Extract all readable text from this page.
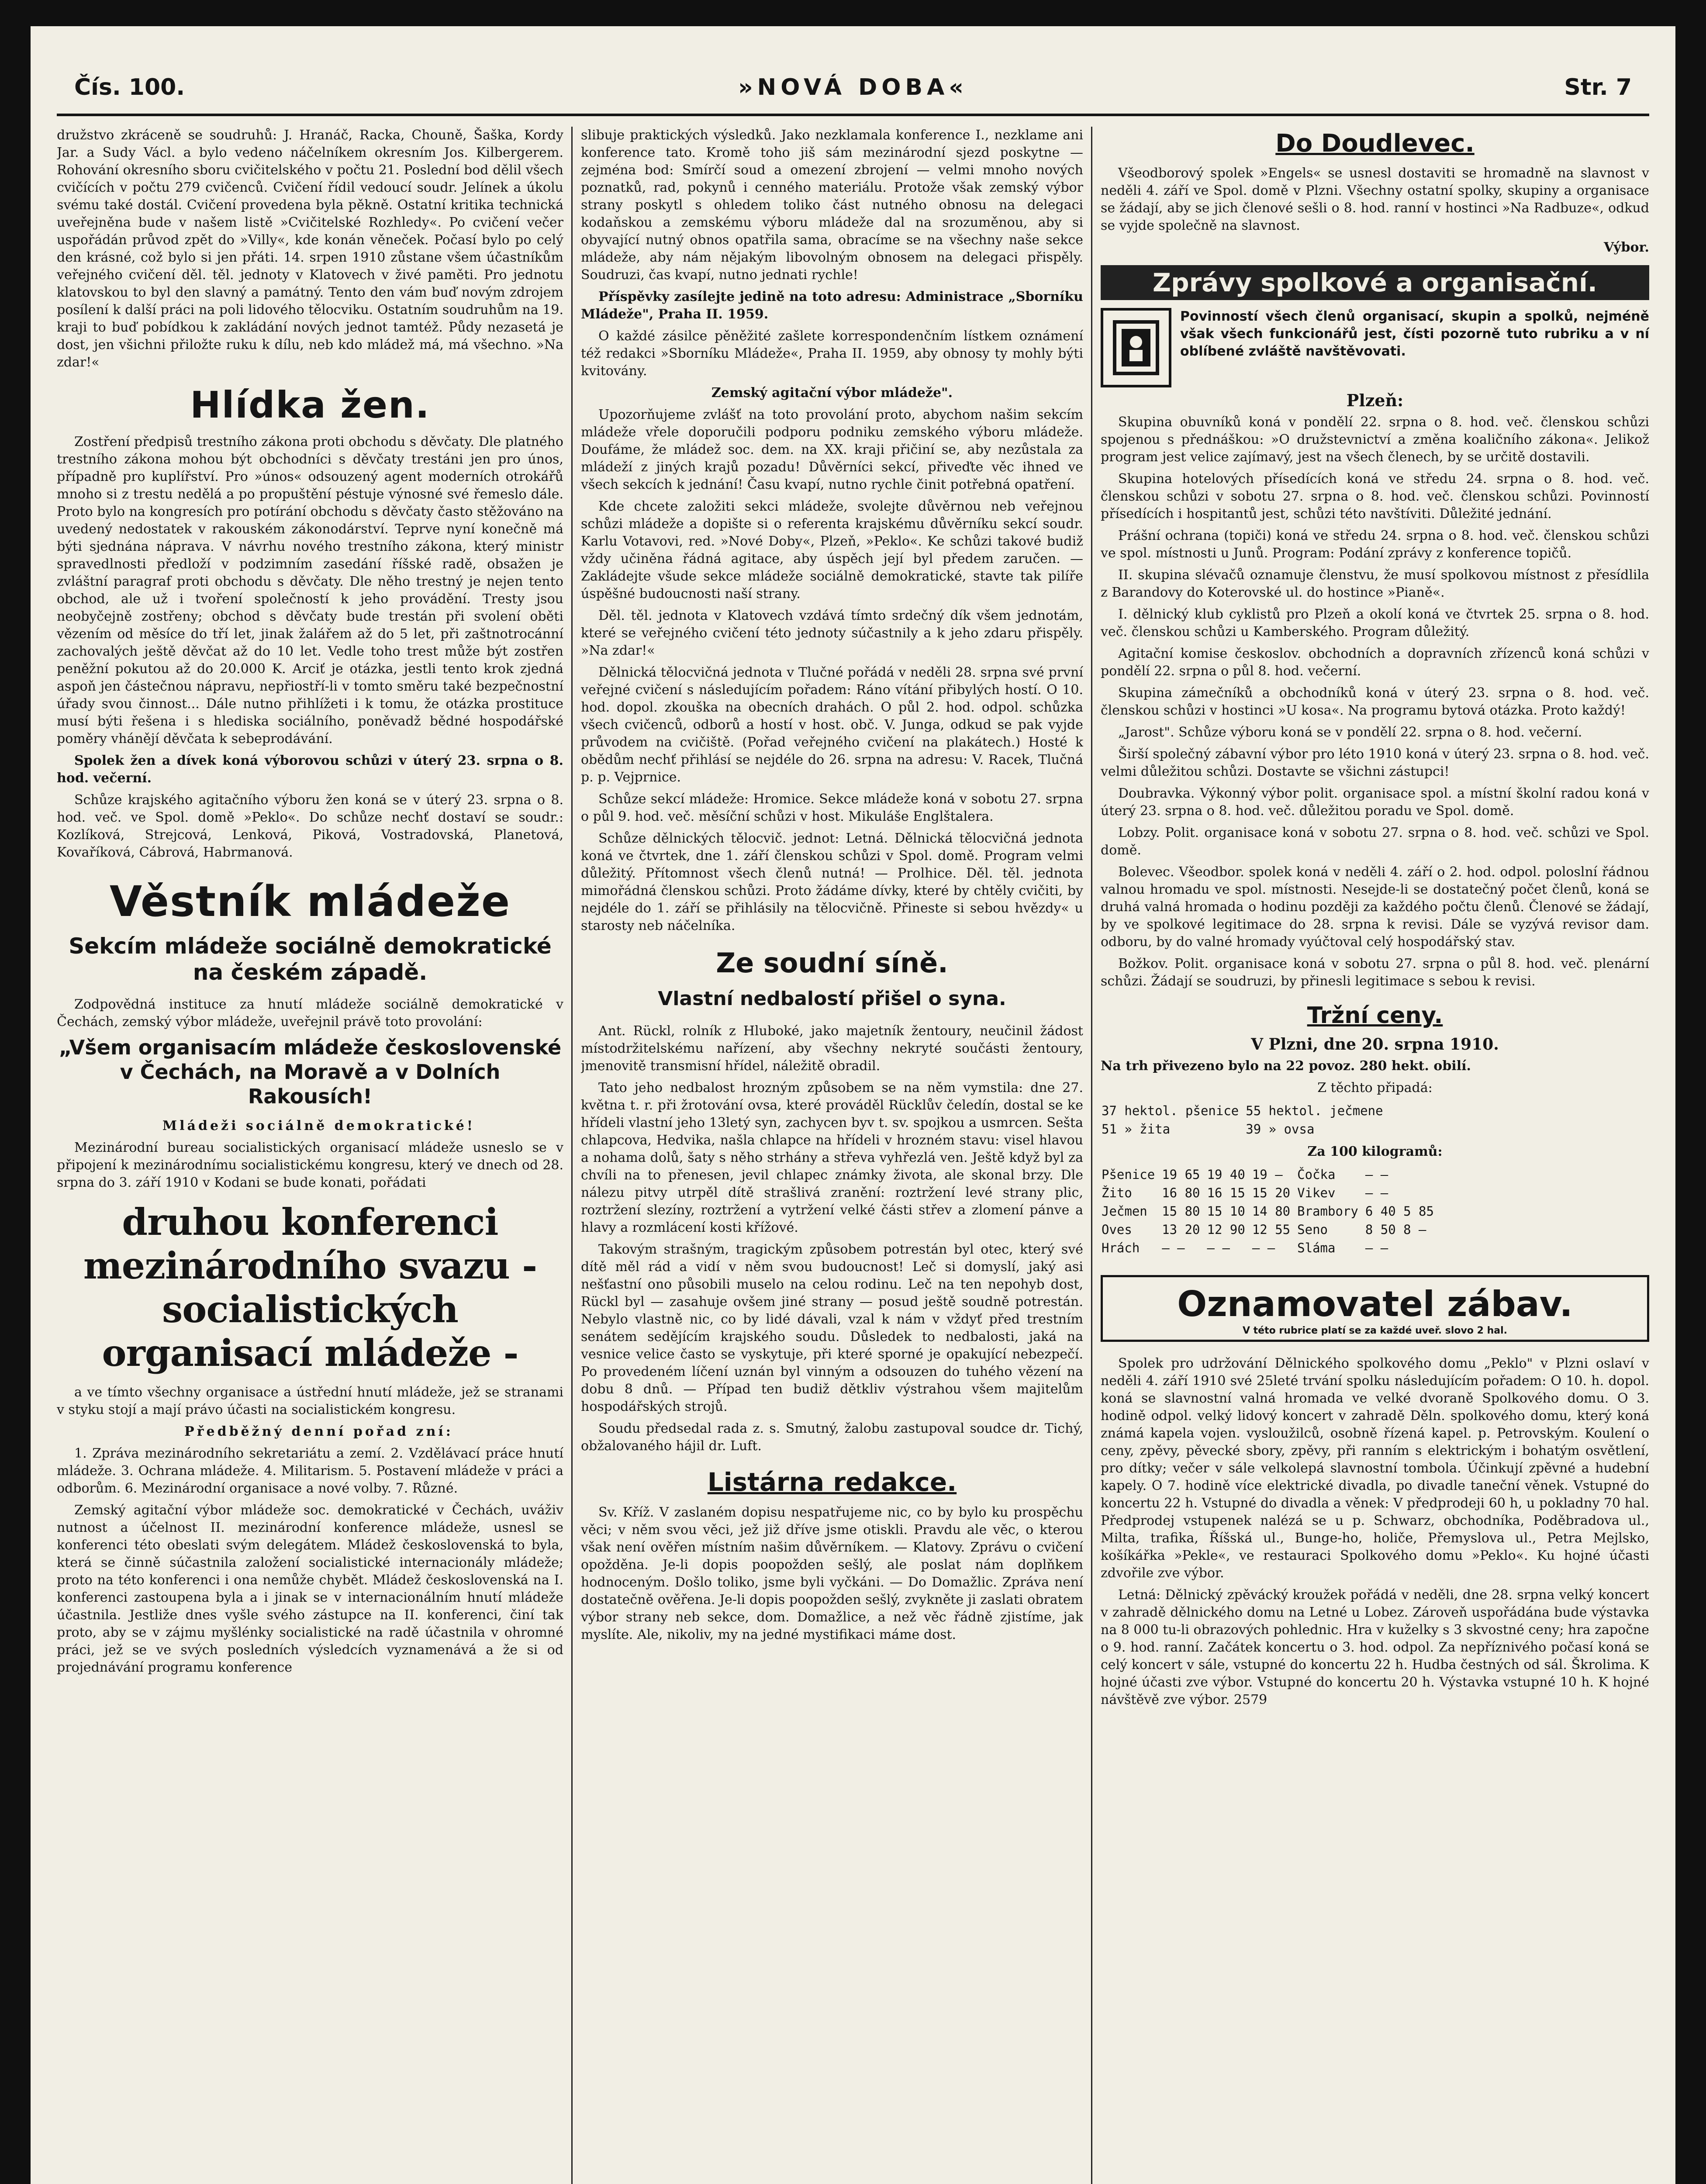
Čís. 100.	»NOVÁ DOBA«	Str. 7

družstvo zkráceně se soudruhů: J. Hranáč, Racka, Chouně, Šaška, Kordy Jar. a Sudy Václ. a bylo vedeno náčelníkem okresním Jos. Kilbergerem. Rohování okresního sboru cvičitelského v počtu 21. Poslední bod dělil všech cvičících v počtu 279 cvičenců. Cvičení řídil vedoucí soudr. Jelínek a úkolu svému také dostál. Cvičení provedena byla pěkně. Ostatní kritika technická uveřejněna bude v našem listě »Cvičitelské Rozhledy«. Po cvičení večer uspořádán průvod zpět do »Villy«, kde konán věneček. Počasí bylo po celý den krásné, což bylo si jen přáti. 14. srpen 1910 zůstane všem účastníkům veřejného cvičení děl. těl. jednoty v Klatovech v živé paměti. Pro jednotu klatovskou to byl den slavný a památný. Tento den vám buď novým zdrojem posílení k další práci na poli lidového tělocviku. Ostatním soudruhům na 19. kraji to buď pobídkou k zakládání nových jednot tamtéž. Půdy nezasetá je dost, jen všichni přiložte ruku k dílu, neb kdo mládež má, má všechno. »Na zdar!«

Hlídka žen.

Zostření předpisů trestního zákona proti obchodu s děvčaty. Dle platného trestního zákona mohou být obchodníci s děvčaty trestáni jen pro únos, případně pro kuplířství. Pro »únos« odsouzený agent moderních otrokářů mnoho si z trestu nedělá a po propuštění péstuje výnosné své řemeslo dále. Proto bylo na kongresích pro potírání obchodu s děvčaty často stěžováno na uvedený nedostatek v rakouském zákonodárství. Teprve nyní konečně má býti sjednána náprava. V návrhu nového trestního zákona, který ministr spravedlnosti předloží v podzimním zasedání říšské radě, obsažen je zvláštní paragraf proti obchodu s děvčaty. Dle něho trestný je nejen tento obchod, ale už i tvoření společností k jeho provádění. Tresty jsou neobyčejně zostřeny; obchod s děvčaty bude trestán při svolení oběti vězením od měsíce do tří let, jinak žalářem až do 5 let, při zaštnotrocánní zachovalých ještě děvčat až do 10 let. Vedle toho trest může být zostřen peněžní pokutou až do 20.000 K. Arciť je otázka, jestli tento krok zjedná aspoň jen částečnou nápravu, nepřiostří-li v tomto směru také bezpečnostní úřady svou činnost... Dále nutno přihlížeti i k tomu, že otázka prostituce musí býti řešena i s hlediska sociálního, poněvadž bědné hospodářské poměry vhánějí děvčata k sebeprodávání.

Spolek žen a dívek koná výborovou schůzi v úterý 23. srpna o 8. hod. večerní.

Schůze krajského agitačního výboru žen koná se v úterý 23. srpna o 8. hod. več. ve Spol. domě »Peklo«. Do schůze nechť dostaví se soudr.: Kozlíková, Strejcová, Lenková, Piková, Vostradovská, Planetová, Kovaříková, Cábrová, Habrmanová.

Věstník mládeže
Sekcím mládeže sociálně demokratické na českém západě.

Zodpovědná instituce za hnutí mládeže sociálně demokratické v Čechách, zemský výbor mládeže, uveřejnil právě toto provolání:

„Všem organisacím mládeže československé v Čechách, na Moravě a v Dolních Rakousích!

Mládeži sociálně demokratické!

Mezinárodní bureau socialistických organisací mládeže usneslo se v připojení k mezinárodnímu socialistickému kongresu, který ve dnech od 28. srpna do 3. září 1910 v Kodani se bude konati, pořádati

druhou konferenci mezinárodního svazu - socialistických organisací mládeže -

a ve tímto všechny organisace a ústřední hnutí mládeže, jež se stranami v styku stojí a mají právo účasti na socialistickém kongresu.

Předběžný denní pořad zní:

1. Zpráva mezinárodního sekretariátu a zemí. 2. Vzdělávací práce hnutí mládeže. 3. Ochrana mládeže. 4. Militarism. 5. Postavení mládeže v práci a odborům. 6. Mezinárodní organisace a nové volby. 7. Různé.

Zemský agitační výbor mládeže soc. demokratické v Čechách, uváživ nutnost a účelnost II. mezinárodní konference mládeže, usnesl se konferenci této obeslati svým delegátem. Mládež československá to byla, která se činně súčastnila založení socialistické internacionály mládeže; proto na této konferenci i ona nemůže chybět. Mládež československá na I. konferenci zastoupena byla a i jinak se v internacionálním hnutí mládeže účastnila. Jestliže dnes vyšle svého zástupce na II. konferenci, činí tak proto, aby se v zájmu myšlénky socialistické na radě účastnila v ohromné práci, jež se ve svých posledních výsledcích vyznamenává a že si od projednávání programu konference

slibuje praktických výsledků. Jako nezklamala konference I., nezklame ani konference tato. Kromě toho jiš sám mezinárodní sjezd poskytne — zejména bod: Smírčí soud a omezení zbrojení — velmi mnoho nových poznatků, rad, pokynů i cenného materiálu. Protože však zemský výbor strany poskytl s ohledem toliko část nutného obnosu na delegaci kodaňskou a zemskému výboru mládeže dal na srozuměnou, aby si obyvající nutný obnos opatřila sama, obracíme se na všechny naše sekce mládeže, aby nám nějakým libovolným obnosem na delegaci přispěly. Soudruzi, čas kvapí, nutno jednati rychle!

Příspěvky zasílejte jedině na toto adresu: Administrace „Sborníku Mládeže", Praha II. 1959.

O každé zásilce pěněžité zašlete korrespondenčním lístkem oznámení též redakci »Sborníku Mládeže«, Praha II. 1959, aby obnosy ty mohly býti kvitovány.

Zemský agitační výbor mládeže".

Upozorňujeme zvlášť na toto provolání proto, abychom našim sekcím mládeže vřele doporučili podporu podniku zemského výboru mládeže. Doufáme, že mládež soc. dem. na XX. kraji přičiní se, aby nezůstala za mládeží z jiných krajů pozadu! Důvěrníci sekcí, přiveďte věc ihned ve všech sekcích k jednání! Času kvapí, nutno rychle činit potřebná opatření.

Kde chcete založiti sekci mládeže, svolejte důvěrnou neb veřejnou schůzi mládeže a dopište si o referenta krajskému důvěrníku sekcí soudr. Karlu Votavovi, red. »Nové Doby«, Plzeň, »Peklo«. Ke schůzi takové budiž vždy učiněna řádná agitace, aby úspěch její byl předem zaručen. — Zakládejte všude sekce mládeže sociálně demokratické, stavte tak pilíře úspěšné budoucnosti naší strany.

Děl. těl. jednota v Klatovech vzdává tímto srdečný dík všem jednotám, které se veřejného cvičení této jednoty súčastnily a k jeho zdaru přispěly. »Na zdar!«

Dělnická tělocvičná jednota v Tlučné pořádá v neděli 28. srpna své první veřejné cvičení s následujícím pořadem: Ráno vítání přibylých hostí. O 10. hod. dopol. zkouška na obecních drahách. O půl 2. hod. odpol. schůzka všech cvičenců, odborů a hostí v host. obč. V. Junga, odkud se pak vyjde průvodem na cvičiště. (Pořad veřejného cvičení na plakátech.) Hosté k obědům nechť přihlásí se nejdéle do 26. srpna na adresu: V. Racek, Tlučná p. p. Vejprnice.

Schůze sekcí mládeže: Hromice. Sekce mládeže koná v sobotu 27. srpna o půl 9. hod. več. měsíční schůzi v host. Mikuláše Englštalera.

Schůze dělnických tělocvič. jednot: Letná. Dělnická tělocvičná jednota koná ve čtvrtek, dne 1. září členskou schůzi v Spol. domě. Program velmi důležitý. Přítomnost všech členů nutná! — Prolhice. Děl. těl. jednota mimořádná členskou schůzi. Proto žádáme dívky, které by chtěly cvičiti, by nejdéle do 1. září se přihlásily na tělocvičně. Přineste si sebou hvězdy« u starosty neb náčelníka.

Ze soudní síně.
Vlastní nedbalostí přišel o syna.

Ant. Rückl, rolník z Hluboké, jako majetník žentoury, neučinil žádost místodržitelskému nařízení, aby všechny nekryté součásti žentoury, jmenovitě transmisní hřídel, náležitě obradil.

Tato jeho nedbalost hrozným způsobem se na něm vymstila: dne 27. května t. r. při žrotování ovsa, které prováděl Rücklův čeledín, dostal se ke hřídeli vlastní jeho 13letý syn, zachycen byv t. sv. spojkou a usmrcen. Sešta chlapcova, Hedvika, našla chlapce na hřídeli v hrozném stavu: visel hlavou a nohama dolů, šaty s něho strhány a střeva vyhřezlá ven. Ještě když byl za chvíli na to přenesen, jevil chlapec známky života, ale skonal brzy. Dle nálezu pitvy utrpěl dítě strašlivá zranění: roztržení levé strany plic, roztržení slezíny, roztržení a vytržení velké části střev a zlomení pánve a hlavy a rozmlácení kosti křížové.

Takovým strašným, tragickým způsobem potrestán byl otec, který své dítě měl rád a vidí v něm svou budoucnost! Leč si domyslí, jaký asi nešťastní ono působili muselo na celou rodinu. Leč na ten nepohyb dost, Rückl byl — zasahuje ovšem jiné strany — posud ještě soudně potrestán. Nebylo vlastně nic, co by lidé dávali, vzal k nám v vždyť před trestním senátem sedějícím krajského soudu. Důsledek to nedbalosti, jaká na vesnice velice často se vyskytuje, při které sporné je opakující nebezpečí. Po provedeném líčení uznán byl vinným a odsouzen do tuhého vězení na dobu 8 dnů. — Případ ten budiž dětkliv výstrahou všem majitelům hospodářských strojů.

Soudu předsedal rada z. s. Smutný, žalobu zastupoval soudce dr. Tichý, obžalovaného hájil dr. Luft.

Listárna redakce.

Sv. Kříž. V zaslaném dopisu nespatřujeme nic, co by bylo ku prospěchu věci; v něm svou věci, jež již dříve jsme otiskli. Pravdu ale věc, o kterou však není ověřen místním našim důvěrníkem. — Klatovy. Zprávu o cvičení opožděna. Je-li dopis poopožden sešlý, ale poslat nám doplňkem hodnoceným. Došlo toliko, jsme byli vyčkáni. — Do Domažlic. Zpráva není dostatečně ověřena. Je-li dopis poopožden sešlý, zvykněte ji zaslati obratem výbor strany neb sekce, dom. Domažlice, a než věc řádně zjistíme, jak myslíte. Ale, nikoliv, my na jedné mystifikaci máme dost.

Do Doudlevec.

Všeodborový spolek »Engels« se usnesl dostaviti se hromadně na slavnost v neděli 4. září ve Spol. domě v Plzni. Všechny ostatní spolky, skupiny a organisace se žádají, aby se jich členové sešli o 8. hod. ranní v hostinci »Na Radbuze«, odkud se vyjde společně na slavnost.

Výbor.

Zprávy spolkové a organisační.
Povinností všech členů organisací, skupin a spolků, nejméně však všech funkcionářů jest, čísti pozorně tuto rubriku a v ní oblíbené zvláště navštěvovati.

Plzeň:

Skupina obuvníků koná v pondělí 22. srpna o 8. hod. več. členskou schůzi spojenou s přednáškou: »O družstevnictví a změna koaličního zákona«. Jelikož program jest velice zajímavý, jest na všech členech, by se určitě dostavili.

Skupina hotelových přísedících koná ve středu 24. srpna o 8. hod. več. členskou schůzi v sobotu 27. srpna o 8. hod. več. členskou schůzi. Povinností přísedících i hospitantů jest, schůzi této navštíviti. Důležité jednání.

Prášní ochrana (topiči) koná ve středu 24. srpna o 8. hod. več. členskou schůzi ve spol. místnosti u Junů. Program: Podání zprávy z konference topičů.

II. skupina slévačů oznamuje členstvu, že musí spolkovou místnost z přesídlila z Barandovy do Koterovské ul. do hostince »Pianě«.

I. dělnický klub cyklistů pro Plzeň a okolí koná ve čtvrtek 25. srpna o 8. hod. več. členskou schůzi u Kamberského. Program důležitý.

Agitační komise českoslov. obchodních a dopravních zřízenců koná schůzi v pondělí 22. srpna o půl 8. hod. večerní.

Skupina zámečníků a obchodníků koná v úterý 23. srpna o 8. hod. več. členskou schůzi v hostinci »U kosa«. Na programu bytová otázka. Proto každý!

„Jarost". Schůze výboru koná se v pondělí 22. srpna o 8. hod. večerní.

Širší společný zábavní výbor pro léto 1910 koná v úterý 23. srpna o 8. hod. več. velmi důležitou schůzi. Dostavte se všichni zástupci!

Doubravka. Výkonný výbor polit. organisace spol. a místní školní radou koná v úterý 23. srpna o 8. hod. več. důležitou poradu ve Spol. domě.

Lobzy. Polit. organisace koná v sobotu 27. srpna o 8. hod. več. schůzi ve Spol. domě.

Bolevec. Všeodbor. spolek koná v neděli 4. září o 2. hod. odpol. poloslní řádnou valnou hromadu ve spol. místnosti. Nesejde-li se dostatečný počet členů, koná se druhá valná hromada o hodinu později za každého počtu členů. Členové se žádají, by ve spolkové legitimace do 28. srpna k revisi. Dále se vyzývá revisor dam. odboru, by do valné hromady vyúčtoval celý hospodářský stav.

Božkov. Polit. organisace koná v sobotu 27. srpna o půl 8. hod. več. plenární schůzi. Žádají se soudruzi, by přinesli legitimace s sebou k revisi.

Tržní ceny.

V Plzni, dne 20. srpna 1910.

Na trh přivezeno bylo na 22 povoz. 280 hekt. obilí.

Z těchto připadá:

37 hektol. pšenice	55 hektol. ječmene
51 » žita	39 » ovsa

Za 100 kilogramů:

Pšenice	19 65	19 40	19 —	Čočka	— —
Žito	16 80	16 15	15 20	Vikev	— —
Ječmen	15 80	15 10	14 80	Brambory	6 40 5 85
Oves	13 20	12 90	12 55	Seno	8 50 8 —
Hrách	— —	— —	— —	Sláma	— —
Oznamovatel zábav.
V této rubrice platí se za každé uveř. slovo 2 hal.

Spolek pro udržování Dělnického spolkového domu „Peklo" v Plzni oslaví v neděli 4. září 1910 své 25leté trvání spolku následujícím pořadem: O 10. h. dopol. koná se slavnostní valná hromada ve velké dvoraně Spolkového domu. O 3. hodině odpol. velký lidový koncert v zahradě Děln. spolkového domu, který koná známá kapela vojen. vysloužilců, osobně řízená kapel. p. Petrovským. Koulení o ceny, zpěvy, pěvecké sbory, zpěvy, při ranním s elektrickým i bohatým osvětlení, pro dítky; večer v sále velkolepá slavnostní tombola. Účinkují zpěvné a hudební kapely. O 7. hodině více elektrické divadla, po divadle taneční věnek. Vstupné do koncertu 22 h. Vstupné do divadla a věnek: V předprodeji 60 h, u pokladny 70 hal. Předprodej vstupenek nalézá se u p. Schwarz, obchodníka, Poděbradova ul., Milta, trafika, Říšská ul., Bunge-ho, holiče, Přemyslova ul., Petra Mejlsko, košíkářka »Pekle«, ve restauraci Spolkového domu »Peklo«. Ku hojné účasti zdvořile zve výbor.

Letná: Dělnický zpěvácký kroužek pořádá v neděli, dne 28. srpna velký koncert v zahradě dělnického domu na Letné u Lobez. Zároveň uspořádána bude výstavka na 8 000 tu-li obrazových pohlednic. Hra v kuželky s 3 skvostné ceny; hra započne o 9. hod. ranní. Začátek koncertu o 3. hod. odpol. Za nepříznivého počasí koná se celý koncert v sále, vstupné do koncertu 22 h. Hudba čestných od sál. Škrolima. K hojné účasti zve výbor. Vstupné do koncertu 20 h. Výstavka vstupné 10 h. K hojné návštěvě zve výbor. 2579
